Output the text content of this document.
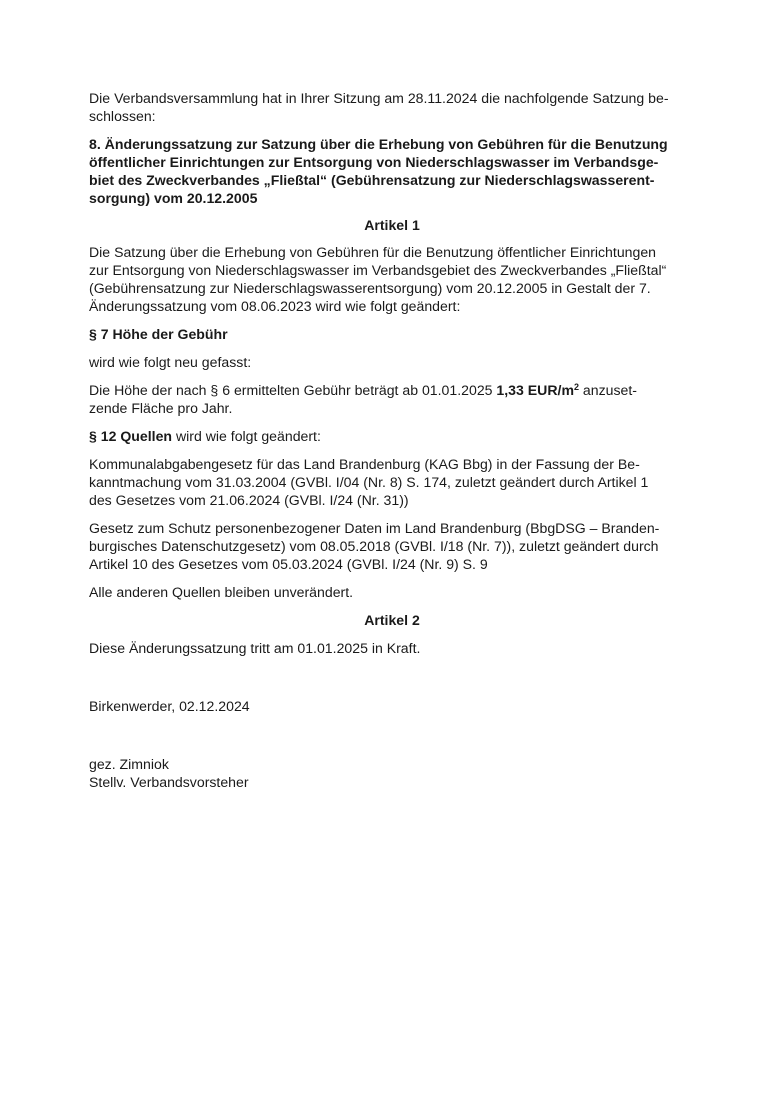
Die Verbandsversammlung hat in Ihrer Sitzung am 28.11.2024 die nachfolgende Satzung be-
schlossen:

8. Änderungssatzung zur Satzung über die Erhebung von Gebühren für die Benutzung
öffentlicher Einrichtungen zur Entsorgung von Niederschlagswasser im Verbandsge-
biet des Zweckverbandes „Fließtal“ (Gebührensatzung zur Niederschlagswasserent-
sorgung) vom 20.12.2005

Artikel 1

Die Satzung über die Erhebung von Gebühren für die Benutzung öffentlicher Einrichtungen
zur Entsorgung von Niederschlagswasser im Verbandsgebiet des Zweckverbandes „Fließtal“
(Gebührensatzung zur Niederschlagswasserentsorgung) vom 20.12.2005 in Gestalt der 7.
Änderungssatzung vom 08.06.2023 wird wie folgt geändert:

§ 7 Höhe der Gebühr

wird wie folgt neu gefasst:

Die Höhe der nach § 6 ermittelten Gebühr beträgt ab 01.01.2025 1,33 EUR/$m^2$ anzuset-
zende Fläche pro Jahr.

§ 12 Quellen wird wie folgt geändert:

Kommunalabgabengesetz für das Land Brandenburg (KAG Bbg) in der Fassung der Be-
kanntmachung vom 31.03.2004 (GVBl. I/04 (Nr. 8) S. 174, zuletzt geändert durch Artikel 1
des Gesetzes vom 21.06.2024 (GVBl. I/24 (Nr. 31))

Gesetz zum Schutz personenbezogener Daten im Land Brandenburg (BbgDSG – Branden-
burgisches Datenschutzgesetz) vom 08.05.2018 (GVBl. I/18 (Nr. 7)), zuletzt geändert durch
Artikel 10 des Gesetzes vom 05.03.2024 (GVBl. I/24 (Nr. 9) S. 9

Alle anderen Quellen bleiben unverändert.

Artikel 2

Diese Änderungssatzung tritt am 01.01.2025 in Kraft.

Birkenwerder, 02.12.2024

gez. Zimniok
Stellv. Verbandsvorsteher
